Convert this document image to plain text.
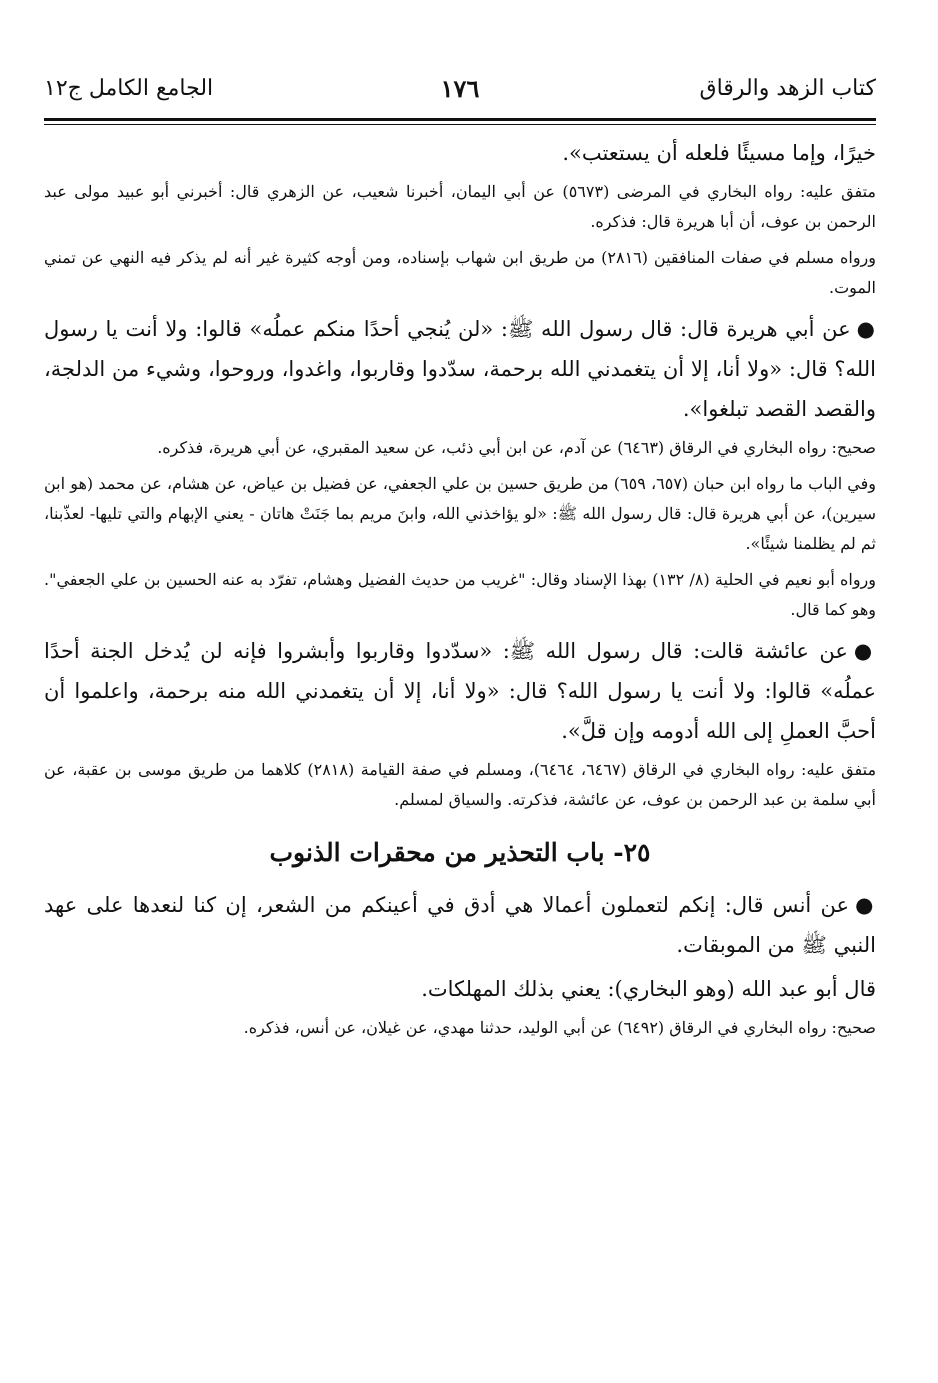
كتاب الزهد والرقاق
١٧٦
الجامع الكامل ج١٢

خيرًا، وإما مسيئًا فلعله أن يستعتب».

متفق عليه: رواه البخاري في المرضى (٥٦٧٣) عن أبي اليمان، أخبرنا شعيب، عن الزهري قال: أخبرني أبو عبيد مولى عبد الرحمن بن عوف، أن أبا هريرة قال: فذكره.

ورواه مسلم في صفات المنافقين (٢٨١٦) من طريق ابن شهاب بإسناده، ومن أوجه كثيرة غير أنه لم يذكر فيه النهي عن تمني الموت.

●عن أبي هريرة قال: قال رسول الله ﷺ: «لن يُنجي أحدًا منكم عملُه» قالوا: ولا أنت يا رسول الله؟ قال: «ولا أنا، إلا أن يتغمدني الله برحمة، سدّدوا وقاربوا، واغدوا، وروحوا، وشيء من الدلجة، والقصد القصد تبلغوا».

صحيح: رواه البخاري في الرقاق (٦٤٦٣) عن آدم، عن ابن أبي ذئب، عن سعيد المقبري، عن أبي هريرة، فذكره.

وفي الباب ما رواه ابن حبان (٦٥٧، ٦٥٩) من طريق حسين بن علي الجعفي، عن فضيل بن عياض، عن هشام، عن محمد (هو ابن سيرين)، عن أبي هريرة قال: قال رسول الله ﷺ: «لو يؤاخذني الله، وابنَ مريم بما جَنَتْ هاتان - يعني الإبهام والتي تليها- لعذّبنا، ثم لم يظلمنا شيئًا».

ورواه أبو نعيم في الحلية (٨/ ١٣٢) بهذا الإسناد وقال: "غريب من حديث الفضيل وهشام، تفرّد به عنه الحسين بن علي الجعفي". وهو كما قال.

●عن عائشة قالت: قال رسول الله ﷺ: «سدّدوا وقاربوا وأبشروا فإنه لن يُدخل الجنة أحدًا عملُه» قالوا: ولا أنت يا رسول الله؟ قال: «ولا أنا، إلا أن يتغمدني الله منه برحمة، واعلموا أن أحبَّ العملِ إلى الله أدومه وإن قلَّ».

متفق عليه: رواه البخاري في الرقاق (٦٤٦٧، ٦٤٦٤)، ومسلم في صفة القيامة (٢٨١٨) كلاهما من طريق موسى بن عقبة، عن أبي سلمة بن عبد الرحمن بن عوف، عن عائشة، فذكرته. والسياق لمسلم.

٢٥- باب التحذير من محقرات الذنوب

●عن أنس قال: إنكم لتعملون أعمالا هي أدق في أعينكم من الشعر، إن كنا لنعدها على عهد النبي ﷺ من الموبقات.

قال أبو عبد الله (وهو البخاري): يعني بذلك المهلكات.

صحيح: رواه البخاري في الرقاق (٦٤٩٢) عن أبي الوليد، حدثنا مهدي، عن غيلان، عن أنس، فذكره.
